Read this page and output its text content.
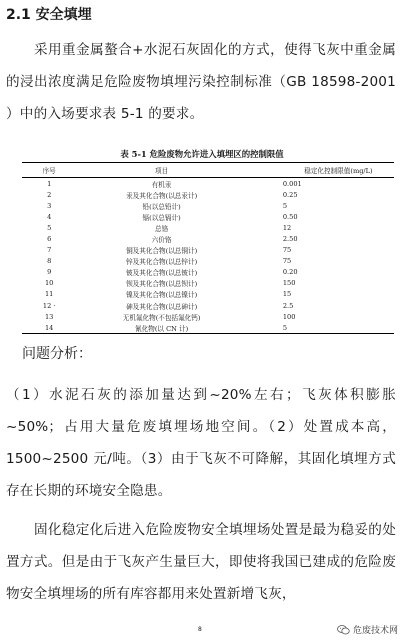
2.1 安全填埋
采用重金属螯合+水泥石灰固化的方式，使得飞灰中重金属的浸出浓度满足危险废物填埋污染控制标准（GB 18598-2001 ）中的入场要求表 5-1 的要求。
表 5-1 危险废物允许进入填埋区的控制限值
序号	项目	稳定化控制限值(mg/L)
1	有机汞	0.001
2	汞及其化合物(以总汞计)	0.25
3	铅(以总铅计)	5
4	镉(以总镉计)	0.50
5	总铬	12
6	六价铬	2.50
7	铜及其化合物(以总铜计)	75
8	锌及其化合物(以总锌计)	75
9	铍及其化合物(以总铍计)	0.20
10	钡及其化合物(以总钡计)	150
11	镍及其化合物(以总镍计)	15
12 ·	砷及其化合物(以总砷计)	2.5
13	无机氟化物(不包括氟化钙)	100
14	氰化物(以 CN 计)	5
问题分析：
（1）水泥石灰的添加量达到~20%左右；飞灰体积膨胀~50%；占用大量危废填埋场地空间。（2）处置成本高，1500~2500 元/吨。（3）由于飞灰不可降解，其固化填埋方式存在长期的环境安全隐患。
固化稳定化后进入危险废物安全填埋场处置是最为稳妥的处置方式。但是由于飞灰产生量巨大，即使将我国已建成的危险废物安全填埋场的所有库容都用来处置新增飞灰，
8	危废技术网
